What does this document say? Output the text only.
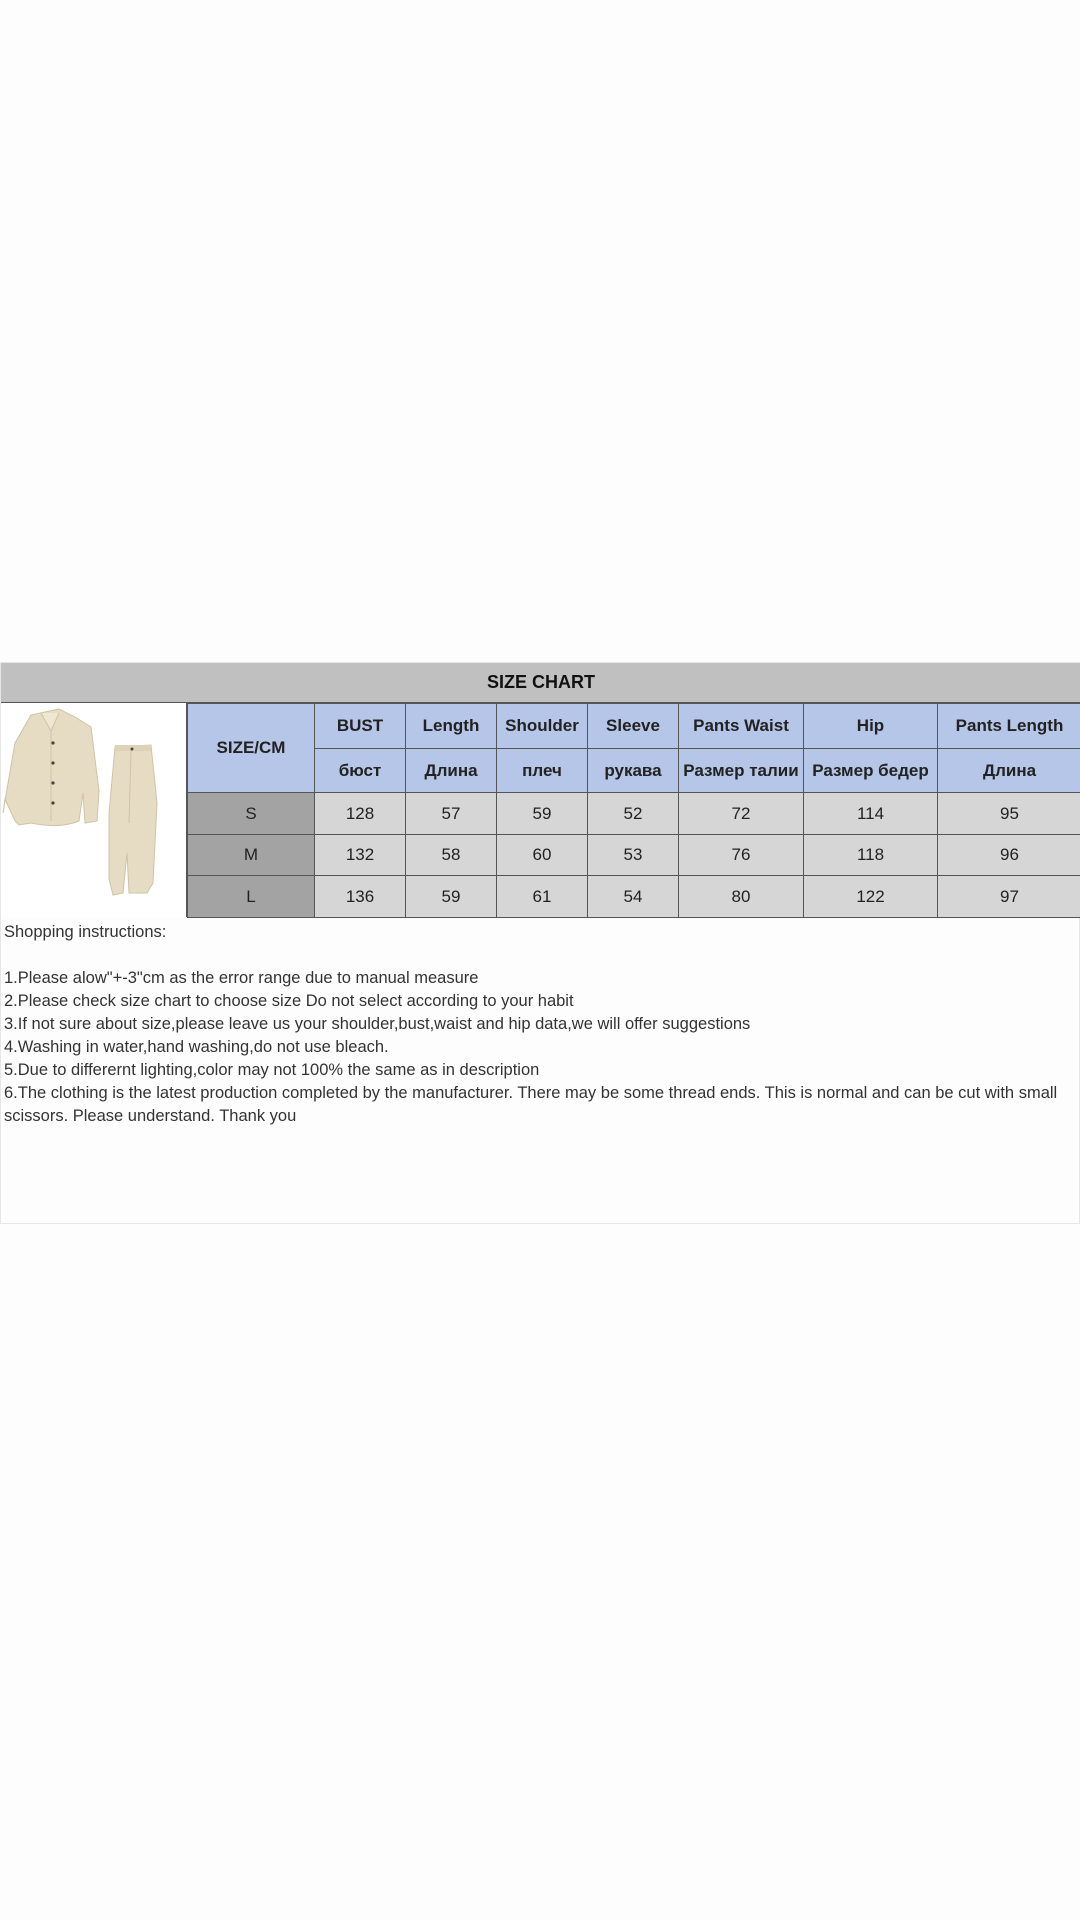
SIZE CHART
SIZE/CM	BUST	Length	Shoulder	Sleeve	Pants Waist	Hip	Pants Length
	бюст	Длина	плеч	рукава	Размер талии	Размер бедер	Длина
S	128	57	59	52	72	114	95
M	132	58	60	53	76	118	96
L	136	59	61	54	80	122	97
Shopping instructions:
1.Please alow"+-3"cm as the error range due to manual measure
2.Please check size chart to choose size Do not select according to your habit
3.If not sure about size,please leave us your shoulder,bust,waist and hip data,we will offer suggestions
4.Washing in water,hand washing,do not use bleach.
5.Due to differernt lighting,color may not 100% the same as in description
6.The clothing is the latest production completed by the manufacturer. There may be some thread ends. This is normal and can be cut with small scissors. Please understand. Thank you
